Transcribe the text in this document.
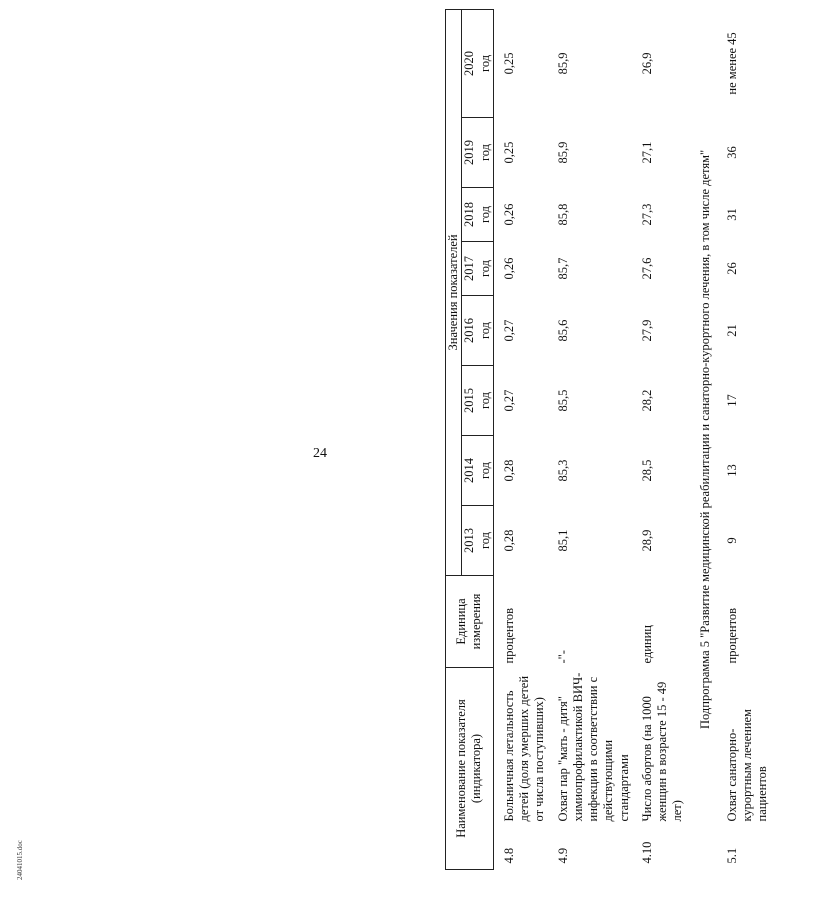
24
Наименование показателя (индикатора)		Единица измерения	Значения показателей							

			2013 год	2014 год	2015 год	2016 год	2017 год	2018 год	2019 год	2020 год
4.8	Больничная летальность детей (доля умерших детей от числа поступивших)	процентов	0,28	0,28	0,27	0,27	0,26	0,26	0,25	0,25
4.9	Охват пар "мать - дитя" химиопрофилактикой ВИЧ-инфекции в соответствии с действующими стандартами	-"-	85,1	85,3	85,5	85,6	85,7	85,8	85,9	85,9
4.10	Число абортов (на 1000 женщин в возрасте 15 - 49 лет)	единиц	28,9	28,5	28,2	27,9	27,6	27,3	27,1	26,9
Подпрограмма 5 "Развитие медицинской реабилитации и санаторно-курортного лечения, в том числе детям"										
5.1	Охват санаторно-курортным лечением пациентов	процентов	9	13	17	21	26	31	36	не менее 45
24041015.doc
